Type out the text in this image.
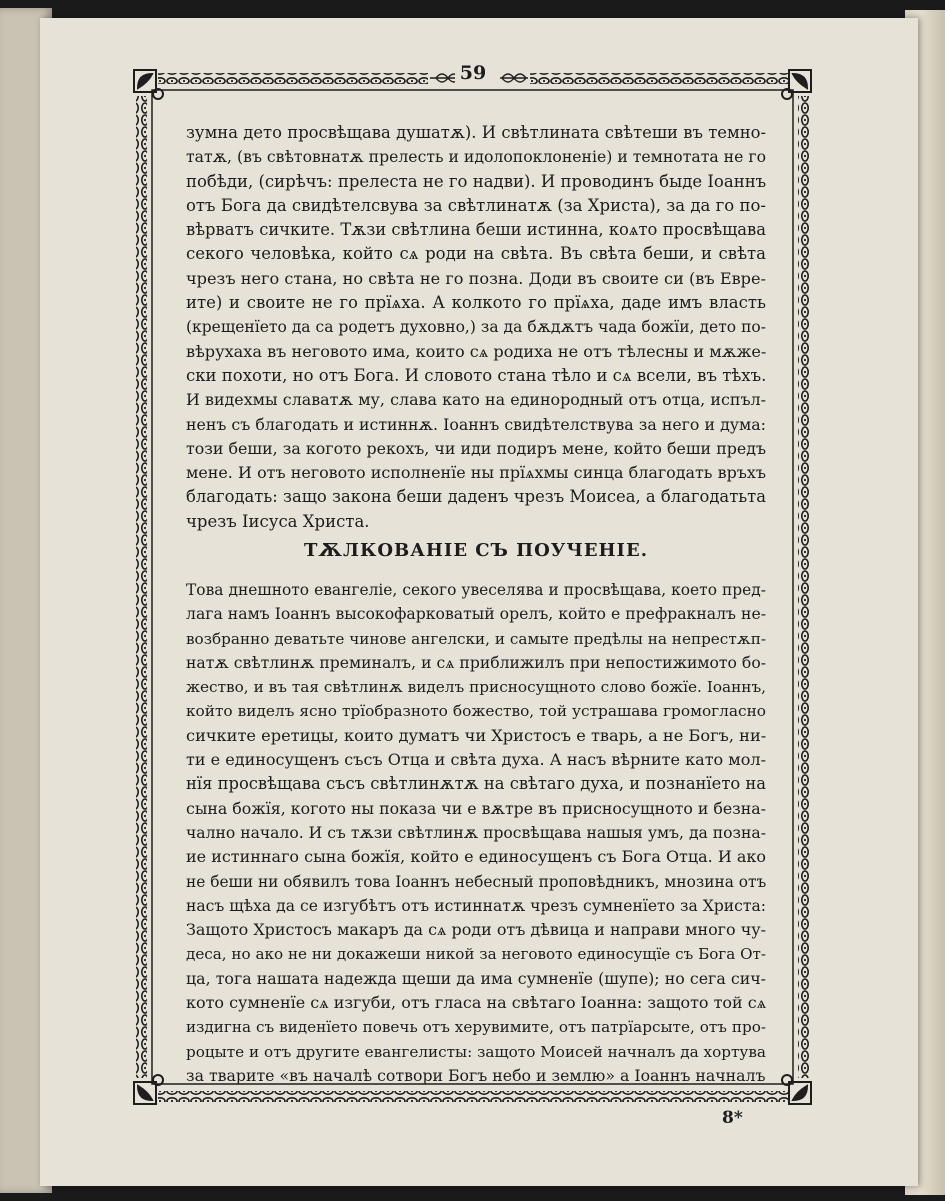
59
зумна дето просвѣщава душатѫ). И свѣтлината свѣтеши въ темно-
татѫ, (въ свѣтовнатѫ прелесть и идолопоклоненіе) и темнотата не го
побѣди, (сирѣчъ: прелеста не го надви). И проводинъ быде Іоаннъ
отъ Бога да свидѣтелсвува за свѣтлинатѫ (за Христа), за да го по-
вѣрватъ сичките. Тѫзи свѣтлина беши истинна, коѧто просвѣщава
секого человѣка, който сѧ роди на свѣта. Въ свѣта беши, и свѣта
чрезъ него стана, но свѣта не го позна. Доди въ своите си (въ Евре-
ите) и своите не го прїѧха. А колкото го прїѧха, даде имъ власть
(крещенїето да са родетъ духовно,) за да бѫдѫтъ чада божїи, дето по-
вѣрухаха въ неговото има, които сѧ родиха не отъ тѣлесны и мѫже-
ски похоти, но отъ Бога. И словото стана тѣло и сѧ всели, въ тѣхъ.
И видехмы славатѫ му, слава като на единородный отъ отца, испъл-
ненъ съ благодать и истиннѫ. Іоаннъ свидѣтелствува за него и дума:
този беши, за когото рекохъ, чи иди подиръ мене, който беши предъ
мене. И отъ неговото исполненїе ны прїѧхмы синца благодать връхъ
благодать: защо закона беши даденъ чрезъ Моисеа, а благодатьта
чрезъ Іисуса Христа.
ТѪЛКОВАНІЕ СЪ ПОУЧЕНІЕ.
Това днешното евангеліе, секого увеселява и просвѣщава, което пред-
лага намъ Іоаннъ высокофарковатый орелъ, който е префракналъ не-
возбранно деватьте чинове ангелски, и самыте предѣлы на непрестѫп-
натѫ свѣтлинѫ преминалъ, и сѧ приближилъ при непостижимото бо-
жество, и въ тая свѣтлинѫ виделъ присносущното слово божїе. Іоаннъ,
който виделъ ясно трїобразното божество, той устрашава громогласно
сичките еретицы, които думатъ чи Христосъ е тварь, а не Богъ, ни-
ти е единосущенъ съсъ Отца и свѣта духа. А насъ вѣрните като мол-
нїя просвѣщава съсъ свѣтлинѫтѫ на свѣтаго духа, и познанїето на
сына божїя, когото ны показа чи е вѫтре въ присносущното и безна-
чално начало. И съ тѫзи свѣтлинѫ просвѣщава нашыя умъ, да позна-
ие истиннаго сына божїя, който е единосущенъ съ Бога Отца. И ако
не беши ни обявилъ това Іоаннъ небесный проповѣдникъ, мнозина отъ
насъ щѣха да се изгубѣтъ отъ истиннатѫ чрезъ сумненїето за Христа:
Защото Христосъ макаръ да сѧ роди отъ дѣвица и направи много чу-
деса, но ако не ни докажеши никой за неговото единосущїе съ Бога От-
ца, тога нашата надежда щеши да има сумненїе (шупе); но сега сич-
кото сумненїе сѧ изгуби, отъ гласа на свѣтаго Іоанна: защото той сѧ
издигна съ виденїето повечь отъ херувимите, отъ патрїарсыте, отъ про-
роцыте и отъ другите евангелисты: защото Моисей начналъ да хортува
за тварите «въ началѣ сотвори Богъ небо и землю» а Іоаннъ начналъ
8*
